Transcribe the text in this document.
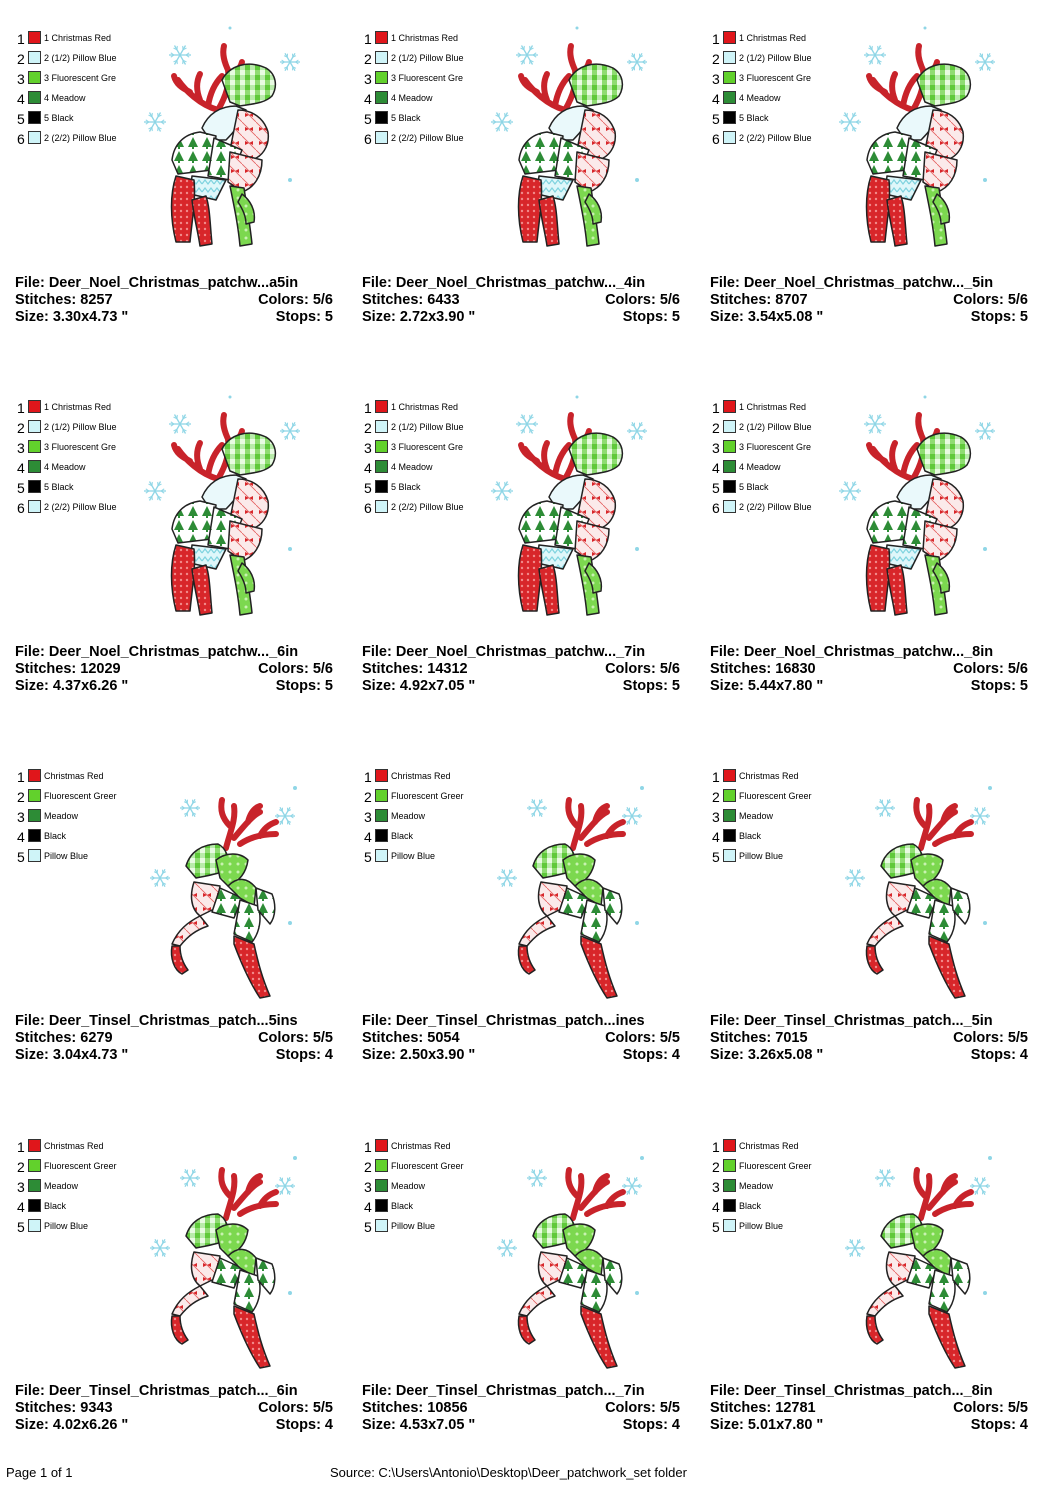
1	1 Christmas Red
2	2 (1/2) Pillow Blue
3	3 Fluorescent Gre
4	4 Meadow
5	5 Black
6	2 (2/2) Pillow Blue
File: Deer_Noel_Christmas_patchw...a5in
Stitches: 8257	Colors: 5/6
Size: 3.30x4.73 "	Stops: 5
1	1 Christmas Red
2	2 (1/2) Pillow Blue
3	3 Fluorescent Gre
4	4 Meadow
5	5 Black
6	2 (2/2) Pillow Blue
File: Deer_Noel_Christmas_patchw..._4in
Stitches: 6433	Colors: 5/6
Size: 2.72x3.90 "	Stops: 5
1	1 Christmas Red
2	2 (1/2) Pillow Blue
3	3 Fluorescent Gre
4	4 Meadow
5	5 Black
6	2 (2/2) Pillow Blue
File: Deer_Noel_Christmas_patchw..._5in
Stitches: 8707	Colors: 5/6
Size: 3.54x5.08 "	Stops: 5
1	1 Christmas Red
2	2 (1/2) Pillow Blue
3	3 Fluorescent Gre
4	4 Meadow
5	5 Black
6	2 (2/2) Pillow Blue
File: Deer_Noel_Christmas_patchw..._6in
Stitches: 12029	Colors: 5/6
Size: 4.37x6.26 "	Stops: 5
1	1 Christmas Red
2	2 (1/2) Pillow Blue
3	3 Fluorescent Gre
4	4 Meadow
5	5 Black
6	2 (2/2) Pillow Blue
File: Deer_Noel_Christmas_patchw..._7in
Stitches: 14312	Colors: 5/6
Size: 4.92x7.05 "	Stops: 5
1	1 Christmas Red
2	2 (1/2) Pillow Blue
3	3 Fluorescent Gre
4	4 Meadow
5	5 Black
6	2 (2/2) Pillow Blue
File: Deer_Noel_Christmas_patchw..._8in
Stitches: 16830	Colors: 5/6
Size: 5.44x7.80 "	Stops: 5
1	Christmas Red
2	Fluorescent Greer
3	Meadow
4	Black
5	Pillow Blue
File: Deer_Tinsel_Christmas_patch...5ins
Stitches: 6279	Colors: 5/5
Size: 3.04x4.73 "	Stops: 4
1	Christmas Red
2	Fluorescent Greer
3	Meadow
4	Black
5	Pillow Blue
File: Deer_Tinsel_Christmas_patch...ines
Stitches: 5054	Colors: 5/5
Size: 2.50x3.90 "	Stops: 4
1	Christmas Red
2	Fluorescent Greer
3	Meadow
4	Black
5	Pillow Blue
File: Deer_Tinsel_Christmas_patch..._5in
Stitches: 7015	Colors: 5/5
Size: 3.26x5.08 "	Stops: 4
1	Christmas Red
2	Fluorescent Greer
3	Meadow
4	Black
5	Pillow Blue
File: Deer_Tinsel_Christmas_patch..._6in
Stitches: 9343	Colors: 5/5
Size: 4.02x6.26 "	Stops: 4
1	Christmas Red
2	Fluorescent Greer
3	Meadow
4	Black
5	Pillow Blue
File: Deer_Tinsel_Christmas_patch..._7in
Stitches: 10856	Colors: 5/5
Size: 4.53x7.05 "	Stops: 4
1	Christmas Red
2	Fluorescent Greer
3	Meadow
4	Black
5	Pillow Blue
File: Deer_Tinsel_Christmas_patch..._8in
Stitches: 12781	Colors: 5/5
Size: 5.01x7.80 "	Stops: 4
Page 1 of 1	Source: C:\Users\Antonio\Desktop\Deer_patchwork_set folder
